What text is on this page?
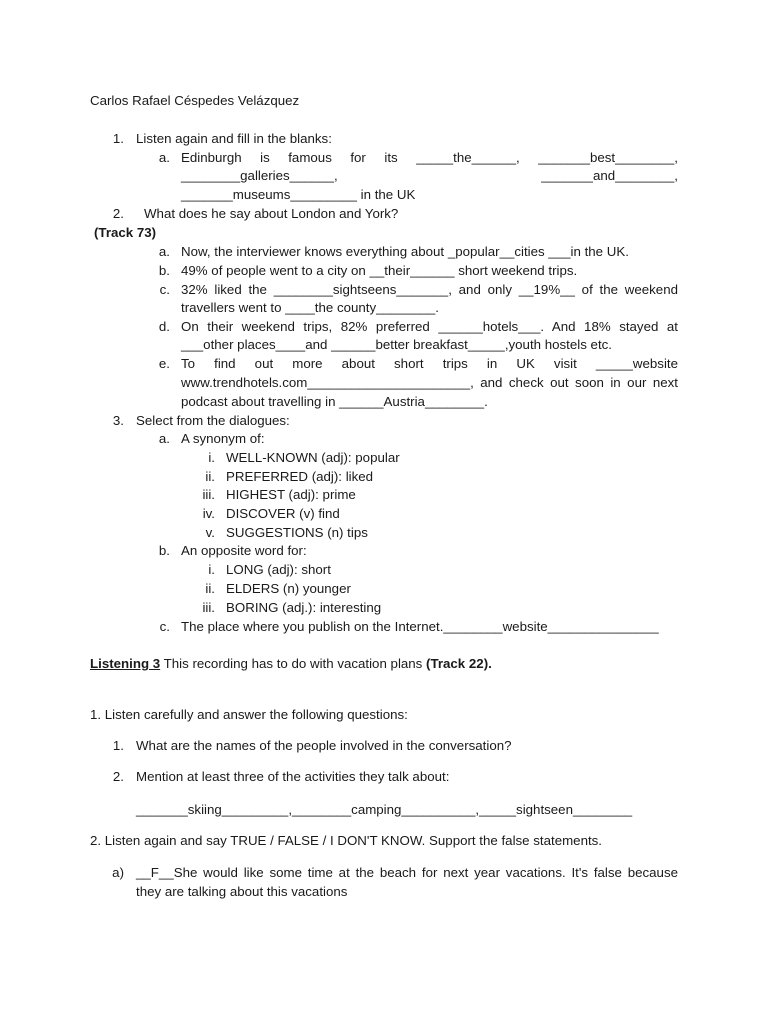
Carlos Rafael Céspedes Velázquez
1. Listen again and fill in the blanks:
a. Edinburgh is famous for its _____the______, _______best________,
________galleries______,	_______and________,
_______museums_________ in the UK
2. What does he say about London and York?
(Track 73)
a. Now, the interviewer knows everything about _popular__cities ___in the UK.
b. 49% of people went to a city on __their______ short weekend trips.
c. 32% liked the ________sightseens_______, and only __19%__ of the weekend
travellers went to ____the county________.
d. On their weekend trips, 82% preferred ______hotels___. And 18% stayed at
___other places____and ______better breakfast_____,youth hostels etc.
e. To find out more about short trips in UK visit _____website
www.trendhotels.com______________________, and check out soon in our next
podcast about travelling in ______Austria________.
3. Select from the dialogues:
a. A synonym of:
i. WELL-KNOWN (adj): popular
ii. PREFERRED (adj): liked
iii. HIGHEST (adj): prime
iv. DISCOVER (v) find
v. SUGGESTIONS (n) tips
b. An opposite word for:
i. LONG (adj): short
ii. ELDERS (n) younger
iii. BORING (adj.): interesting
c. The place where you publish on the Internet.________website_______________
Listening 3 This recording has to do with vacation plans (Track 22).
1. Listen carefully and answer the following questions:
1. What are the names of the people involved in the conversation?
2. Mention at least three of the activities they talk about:
_______skiing_________,________camping__________,_____sightseen________
2. Listen again and say TRUE / FALSE / I DON'T KNOW. Support the false statements.
a) __F__She would like some time at the beach for next year vacations. It's false because
they are talking about this vacations
